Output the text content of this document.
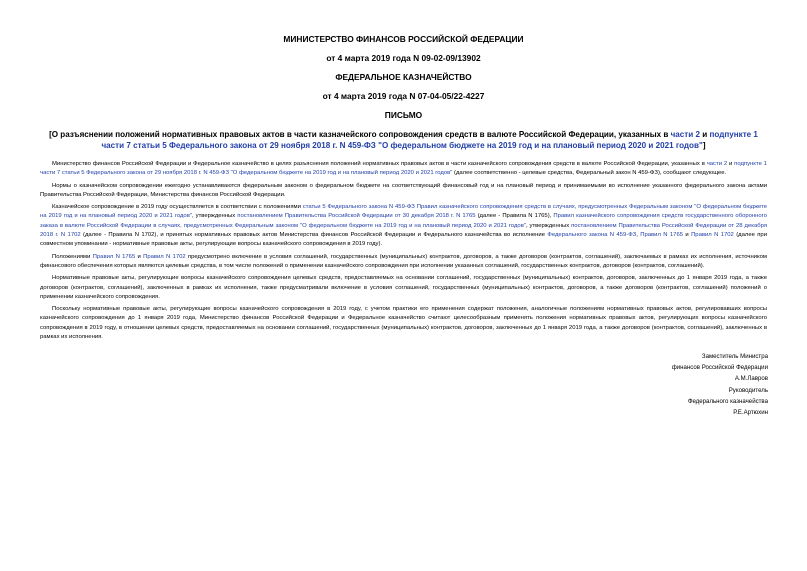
МИНИСТЕРСТВО ФИНАНСОВ РОССИЙСКОЙ ФЕДЕРАЦИИ

от 4 марта 2019 года N 09-02-09/13902

ФЕДЕРАЛЬНОЕ КАЗНАЧЕЙСТВО

от 4 марта 2019 года N 07-04-05/22-4227

ПИСЬМО

[О разъяснении положений нормативных правовых актов в части казначейского сопровождения средств в валюте Российской Федерации, указанных в части 2 и подпункте 1 части 7 статьи 5 Федерального закона от 29 ноября 2018 г. N 459-ФЗ "О федеральном бюджете на 2019 год и на плановый период 2020 и 2021 годов"]

Министерство финансов Российской Федерации и Федеральное казначейство в целях разъяснения положений нормативных правовых актов в части казначейского сопровождения средств в валюте Российской Федерации, указанных в части 2 и подпункте 1 части 7 статьи 5 Федерального закона от 29 ноября 2018 г. N 459-ФЗ "О федеральном бюджете на 2019 год и на плановый период 2020 и 2021 годов" (далее соответственно - целевые средства, Федеральный закон N 459-ФЗ), сообщают следующее.

Нормы о казначейском сопровождении ежегодно устанавливаются федеральным законом о федеральном бюджете на соответствующий финансовый год и на плановый период и принимаемыми во исполнение указанного федерального закона актами Правительства Российской Федерации, Министерства финансов Российской Федерации.

Казначейское сопровождение в 2019 году осуществляется в соответствии с положениями статьи 5 Федерального закона N 459-ФЗ Правил казначейского сопровождения средств в случаях, предусмотренных Федеральным законом "О федеральном бюджете на 2019 год и на плановый период 2020 и 2021 годов", утвержденных постановлением Правительства Российской Федерации от 30 декабря 2018 г. N 1765 (далее - Правила N 1765), Правил казначейского сопровождения средств государственного оборонного заказа в валюте Российской Федерации в случаях, предусмотренных Федеральным законом "О федеральном бюджете на 2019 год и на плановый период 2020 и 2021 годов", утвержденных постановлением Правительства Российской Федерации от 28 декабря 2018 г. N 1702 (далее - Правила N 1702), и принятых нормативных правовых актов Министерства финансов Российской Федерации и Федерального казначейства во исполнение Федерального закона N 459-ФЗ, Правил N 1765 и Правил N 1702 (далее при совместном упоминании - нормативные правовые акты, регулирующие вопросы казначейского сопровождения в 2019 году).

Положениями Правил N 1765 и Правил N 1702 предусмотрено включение в условия соглашений, государственных (муниципальных) контрактов, договоров, а также договоров (контрактов, соглашений), заключаемых в рамках их исполнения, источником финансового обеспечения которых являются целевые средства, в том числе положений о применении казначейского сопровождения при исполнении указанных соглашений, государственных контрактов, договоров (контрактов, соглашений).

Нормативные правовые акты, регулирующие вопросы казначейского сопровождения целевых средств, предоставляемых на основании соглашений, государственных (муниципальных) контрактов, договоров, заключенных до 1 января 2019 года, а также договоров (контрактов, соглашений), заключенных в рамках их исполнения, также предусматривали включение в условия соглашений, государственных (муниципальных) контрактов, договоров, а также договоров (контрактов, соглашений) положений о применении казначейского сопровождения.

Поскольку нормативные правовые акты, регулирующие вопросы казначейского сопровождения в 2019 году, с учетом практики его применения содержат положения, аналогичные положениям нормативных правовых актов, регулировавших вопросы казначейского сопровождения до 1 января 2019 года, Министерство финансов Российской Федерации и Федеральное казначейство считают целесообразным применять положения нормативных правовых актов, регулирующих вопросы казначейского сопровождения в 2019 году, в отношении целевых средств, предоставляемых на основании соглашений, государственных (муниципальных) контрактов, договоров, заключенных до 1 января 2019 года, а также договоров (контрактов, соглашений), заключенных в рамках их исполнения.

Заместитель Министра
финансов Российской Федерации
А.М.Лавров
Руководитель
Федерального казначейства
Р.Е.Артюхин
